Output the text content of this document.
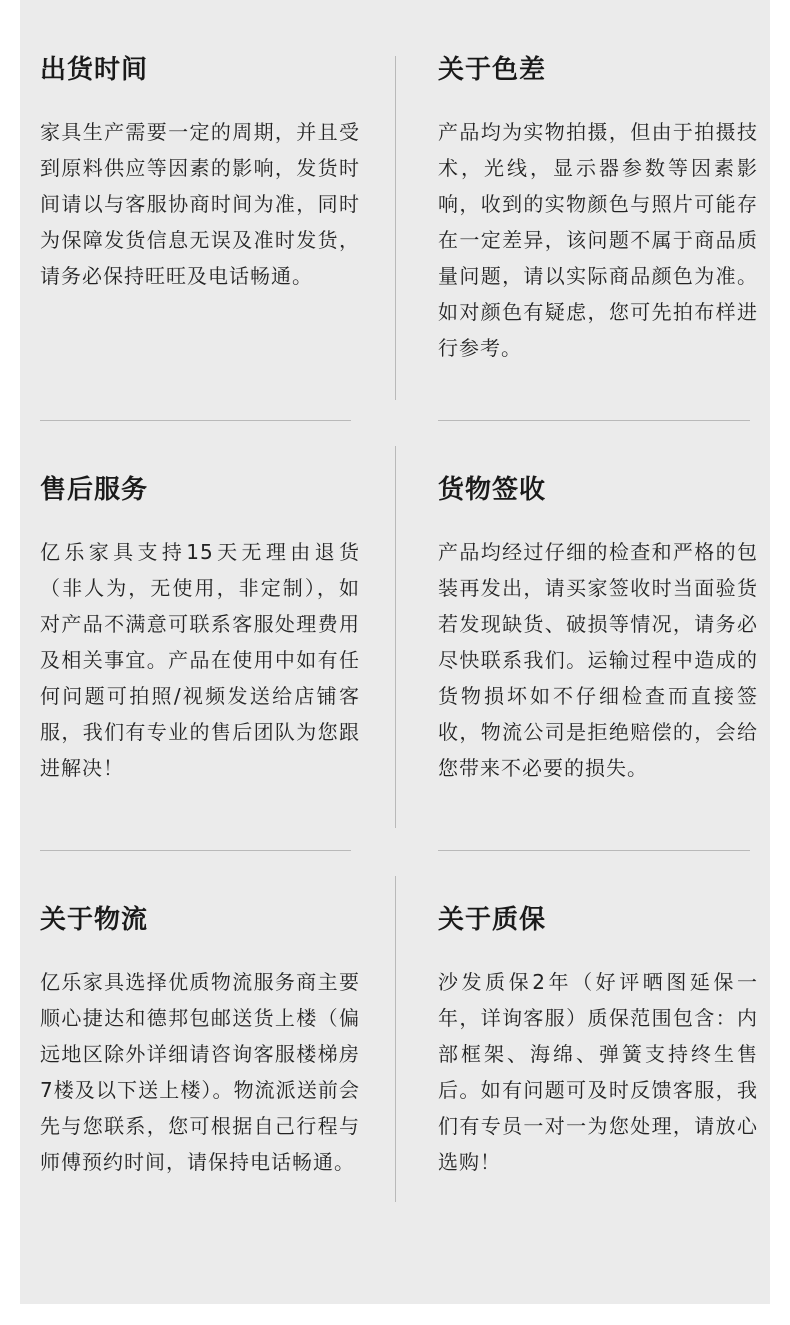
出货时间

家具生产需要一定的周期，并且受到原料供应等因素的影响，发货时间请以与客服协商时间为准，同时为保障发货信息无误及准时发货，请务必保持旺旺及电话畅通。

关于色差

产品均为实物拍摄，但由于拍摄技术，光线，显示器参数等因素影响，收到的实物颜色与照片可能存在一定差异，该问题不属于商品质量问题，请以实际商品颜色为准。如对颜色有疑虑，您可先拍布样进行参考。

售后服务

亿乐家具支持15天无理由退货（非人为，无使用，非定制），如对产品不满意可联系客服处理费用及相关事宜。产品在使用中如有任何问题可拍照/视频发送给店铺客服，我们有专业的售后团队为您跟进解决！

货物签收

产品均经过仔细的检查和严格的包装再发出，请买家签收时当面验货若发现缺货、破损等情况，请务必尽快联系我们。运输过程中造成的货物损坏如不仔细检查而直接签收，物流公司是拒绝赔偿的，会给您带来不必要的损失。

关于物流

亿乐家具选择优质物流服务商主要顺心捷达和德邦包邮送货上楼（偏远地区除外详细请咨询客服楼梯房7楼及以下送上楼）。物流派送前会先与您联系，您可根据自己行程与师傅预约时间，请保持电话畅通。

关于质保

沙发质保2年（好评晒图延保一年，详询客服）质保范围包含：内部框架、海绵、弹簧支持终生售后。如有问题可及时反馈客服，我们有专员一对一为您处理，请放心选购！
